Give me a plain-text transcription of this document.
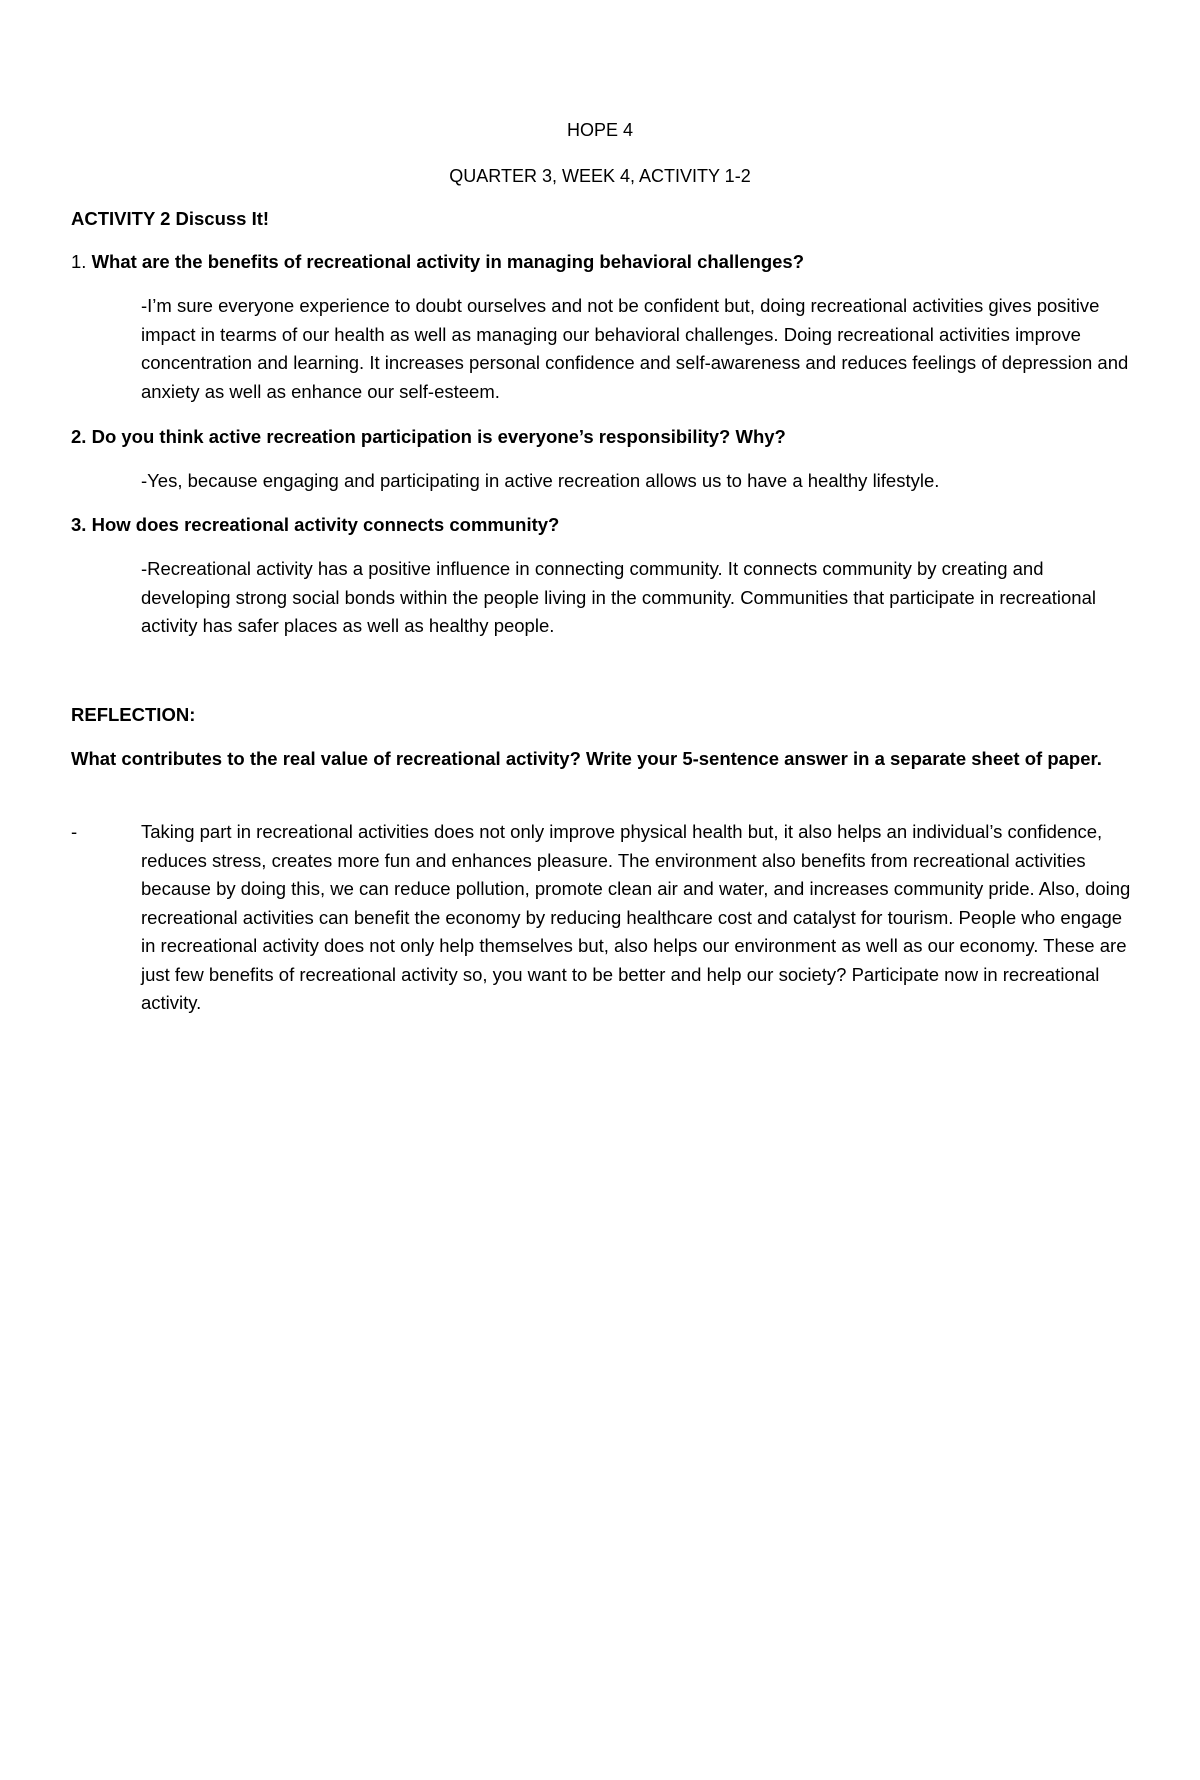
HOPE 4
QUARTER 3, WEEK 4, ACTIVITY 1-2
ACTIVITY 2 Discuss It!
1. What are the benefits of recreational activity in managing behavioral challenges?
-I’m sure everyone experience to doubt ourselves and not be confident but, doing recreational activities gives positive impact in tearms of our health as well as managing our behavioral challenges. Doing recreational activities improve concentration and learning. It increases personal confidence and self-awareness and reduces feelings of depression and anxiety as well as enhance our self-esteem.
2. Do you think active recreation participation is everyone’s responsibility? Why?
-Yes, because engaging and participating in active recreation allows us to have a healthy lifestyle.
3. How does recreational activity connects community?
-Recreational activity has a positive influence in connecting community. It connects community by creating and developing strong social bonds within the people living in the community. Communities that participate in recreational activity has safer places as well as healthy people.
REFLECTION:
What contributes to the real value of recreational activity? Write your 5-sentence answer in a separate sheet of paper.
-	Taking part in recreational activities does not only improve physical health but, it also helps an individual’s confidence, reduces stress, creates more fun and enhances pleasure. The environment also benefits from recreational activities because by doing this, we can reduce pollution, promote clean air and water, and increases community pride. Also, doing recreational activities can benefit the economy by reducing healthcare cost and catalyst for tourism. People who engage in recreational activity does not only help themselves but, also helps our environment as well as our economy. These are just few benefits of recreational activity so, you want to be better and help our society? Participate now in recreational activity.
